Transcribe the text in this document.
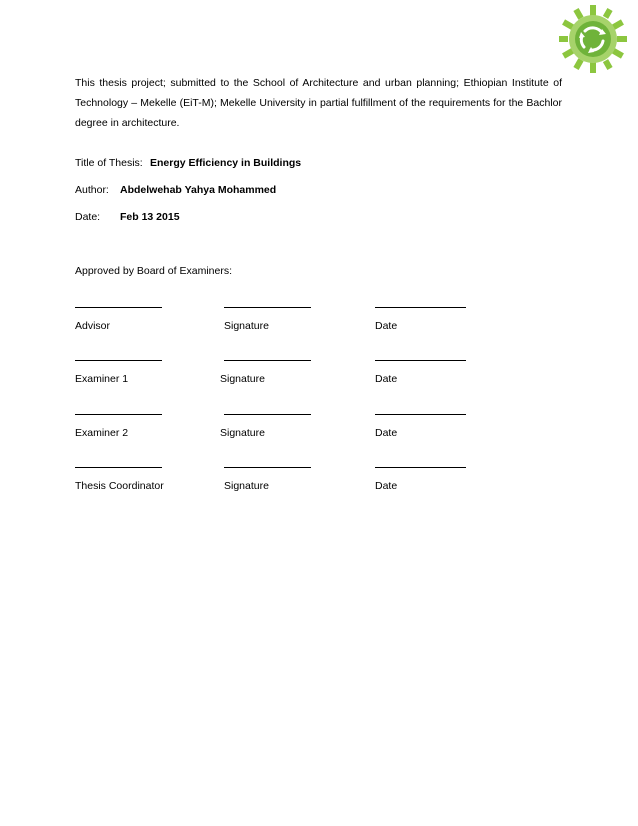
This thesis project; submitted to the School of Architecture and urban planning; Ethiopian Institute of Technology – Mekelle (EiT-M); Mekelle University in partial fulfillment of the requirements for the Bachlor degree in architecture.

Title of Thesis: Energy Efficiency in Buildings
Author: Abdelwehab Yahya Mohammed
Date: Feb 13 2015
Approved by Board of Examiners:
Advisor	Signature	Date
Examiner 1	Signature	Date
Examiner 2	Signature	Date
Thesis Coordinator	Signature	Date
